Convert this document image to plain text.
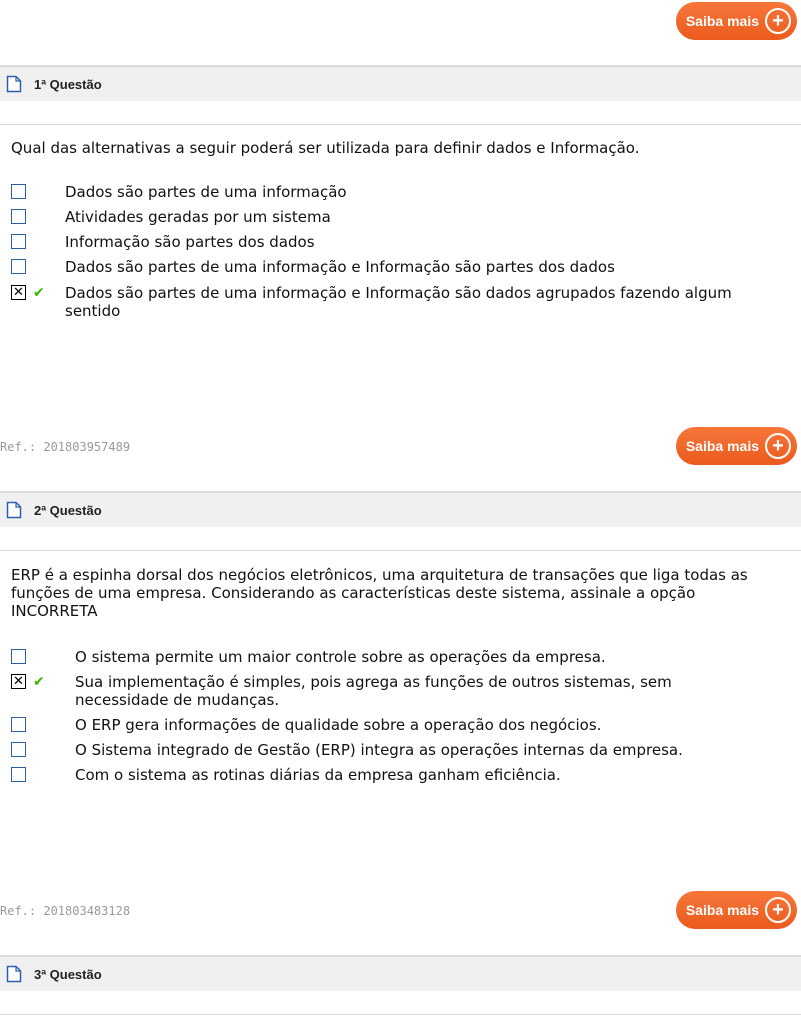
Saiba mais +
1ª Questão
Qual das alternativas a seguir poderá ser utilizada para definir dados e Informação.
Dados são partes de uma informação
Atividades geradas por um sistema
Informação são partes dos dados
Dados são partes de uma informação e Informação são partes dos dados
✕ ✔ Dados são partes de uma informação e Informação são dados agrupados fazendo algum sentido
Ref.: 201803957489	Saiba mais +
2ª Questão
ERP é a espinha dorsal dos negócios eletrônicos, uma arquitetura de transações que liga todas as funções de uma empresa. Considerando as características deste sistema, assinale a opção INCORRETA
O sistema permite um maior controle sobre as operações da empresa.
✕ ✔ Sua implementação é simples, pois agrega as funções de outros sistemas, sem necessidade de mudanças.
O ERP gera informações de qualidade sobre a operação dos negócios.
O Sistema integrado de Gestão (ERP) integra as operações internas da empresa.
Com o sistema as rotinas diárias da empresa ganham eficiência.
Ref.: 201803483128	Saiba mais +
3ª Questão
